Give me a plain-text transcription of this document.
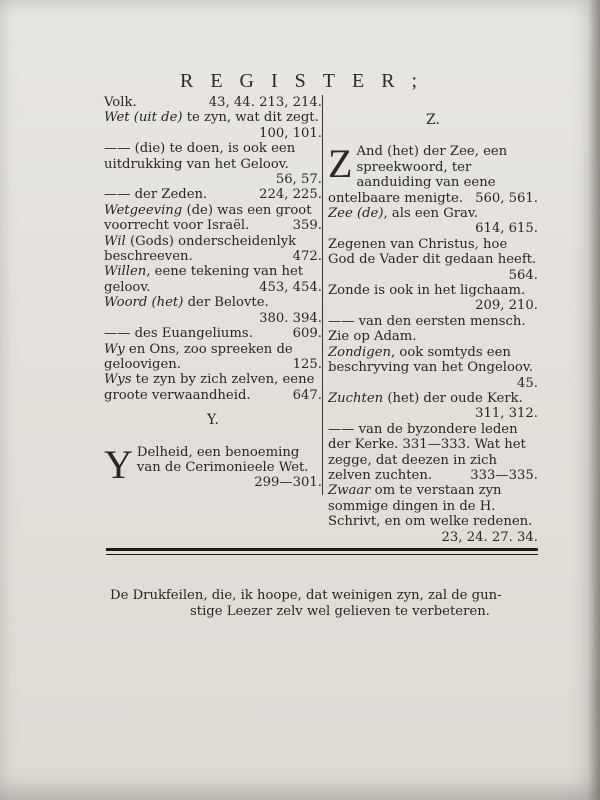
REGISTER;
Volk.	43, 44. 213, 214.
Wet (uit de) te zyn, wat dit zegt.
100, 101.
—— (die) te doen, is ook een uitdrukking van het Geloov.
56, 57.
—— der Zeden.	224, 225.
Wetgeeving (de) was een groot voorrecht voor Israël.	359.
Wil (Gods) onderscheidenlyk beschreeven.	472.
Willen, eene tekening van het geloov.	453, 454.
Woord (het) der Belovte.
380. 394.
—— des Euangeliums.	609.
Wy en Ons, zoo spreeken de geloovigen.	125.
Wys te zyn by zich zelven, eene groote verwaandheid.	647.
Y.
Y Delheid, een benoeming van de Cerimonieele Wet.
299—301.
Z.
Z And (het) der Zee, een spreekwoord, ter aanduiding van eene ontelbaare menigte. 560, 561.
Zee (de), als een Grav.
614, 615.
Zegenen van Christus, hoe God de Vader dit gedaan heeft.
564.
Zonde is ook in het ligchaam.
209, 210.
—— van den eersten mensch. Zie op Adam.
Zondigen, ook somtyds een beschryving van het Ongeloov.
45.
Zuchten (het) der oude Kerk.
311, 312.
—— van de byzondere leden der Kerke. 331—333. Wat het zegge, dat deezen in zich zelven zuchten.	333—335.
Zwaar om te verstaan zyn sommige dingen in de H. Schrivt, en om welke redenen.
23, 24. 27. 34.
De Drukfeilen, die, ik hoope, dat weinigen zyn, zal de gun-
stige Leezer zelv wel gelieven te verbeteren.
